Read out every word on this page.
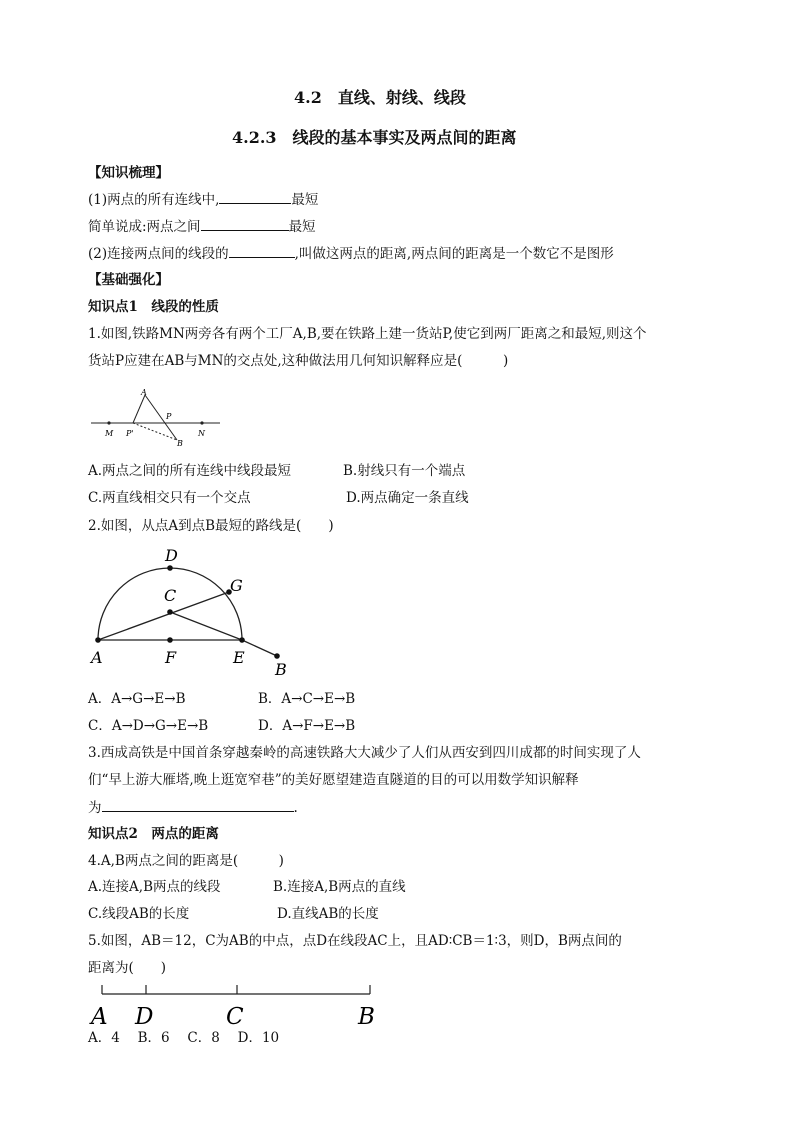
4.2　直线、射线、线段
4.2.3　线段的基本事实及两点间的距离
【知识梳理】
(1)两点的所有连线中,	最短
简单说成:两点之间	最短
(2)连接两点间的线段的	,叫做这两点的距离,两点间的距离是一个数它不是图形
【基础强化】
知识点1　线段的性质
1.如图,铁路MN两旁各有两个工厂A,B,要在铁路上建一货站P,使它到两厂距离之和最短,则这个
货站P应建在AB与MN的交点处,这种做法用几何知识解释应是(　　　)
A
P
M P'
B
N
A.两点之间的所有连线中线段最短	B.射线只有一个端点
C.两直线相交只有一个交点	D.两点确定一条直线
2.如图，从点A到点B最短的路线是(　　)
D
C
G
A	F	E
B
A．A→G→E→B	B．A→C→E→B
C．A→D→G→E→B	D．A→F→E→B
3.西成高铁是中国首条穿越秦岭的高速铁路大大减少了人们从西安到四川成都的时间实现了人
们“早上游大雁塔,晚上逛宽窄巷”的美好愿望建造直隧道的目的可以用数学知识解释
为	.
知识点2　两点的距离
4.A,B两点之间的距离是(　　　)
A.连接A,B两点的线段	B.连接A,B两点的直线
C.线段AB的长度	D.直线AB的长度
5.如图，AB＝12，C为AB的中点，点D在线段AC上，且AD∶CB＝1∶3，则D，B两点间的
距离为(　　)
A D	C	B
A．4　 B．6　 C．8　 D．10
